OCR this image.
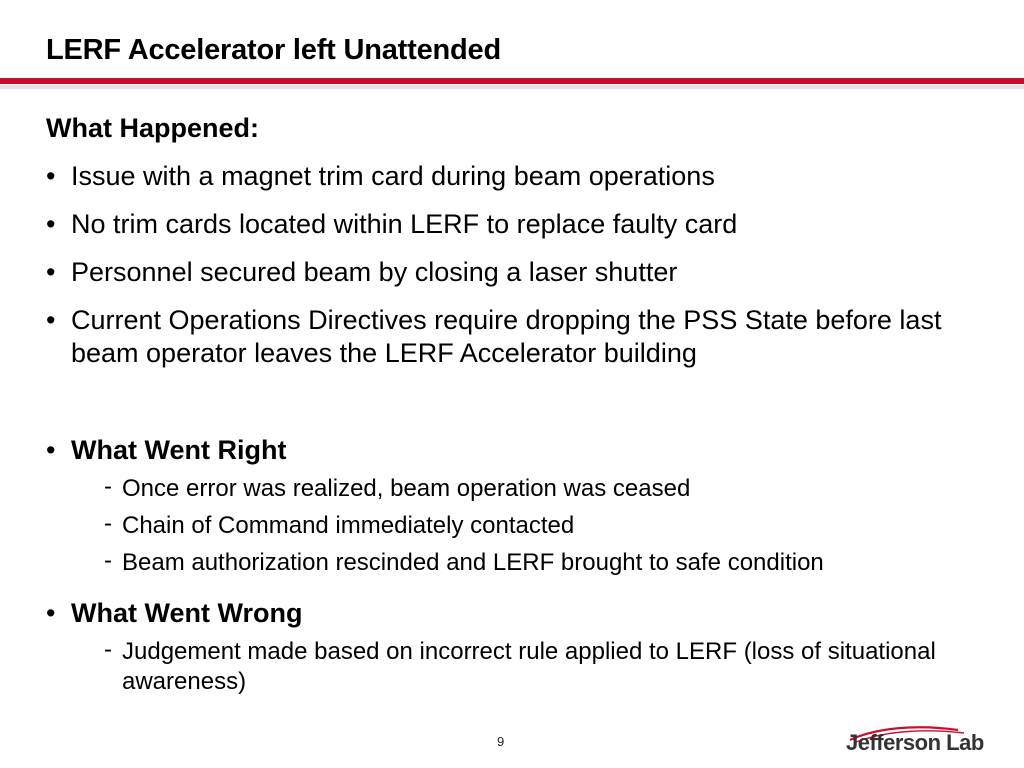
LERF Accelerator left Unattended
What Happened:
• Issue with a magnet trim card during beam operations
• No trim cards located within LERF to replace faulty card
• Personnel secured beam by closing a laser shutter
• Current Operations Directives require dropping the PSS State before last beam operator leaves the LERF Accelerator building
• What Went Right
- Once error was realized, beam operation was ceased
- Chain of Command immediately contacted
- Beam authorization rescinded and LERF brought to safe condition
• What Went Wrong
- Judgement made based on incorrect rule applied to LERF (loss of situational awareness)
9	Jefferson Lab
